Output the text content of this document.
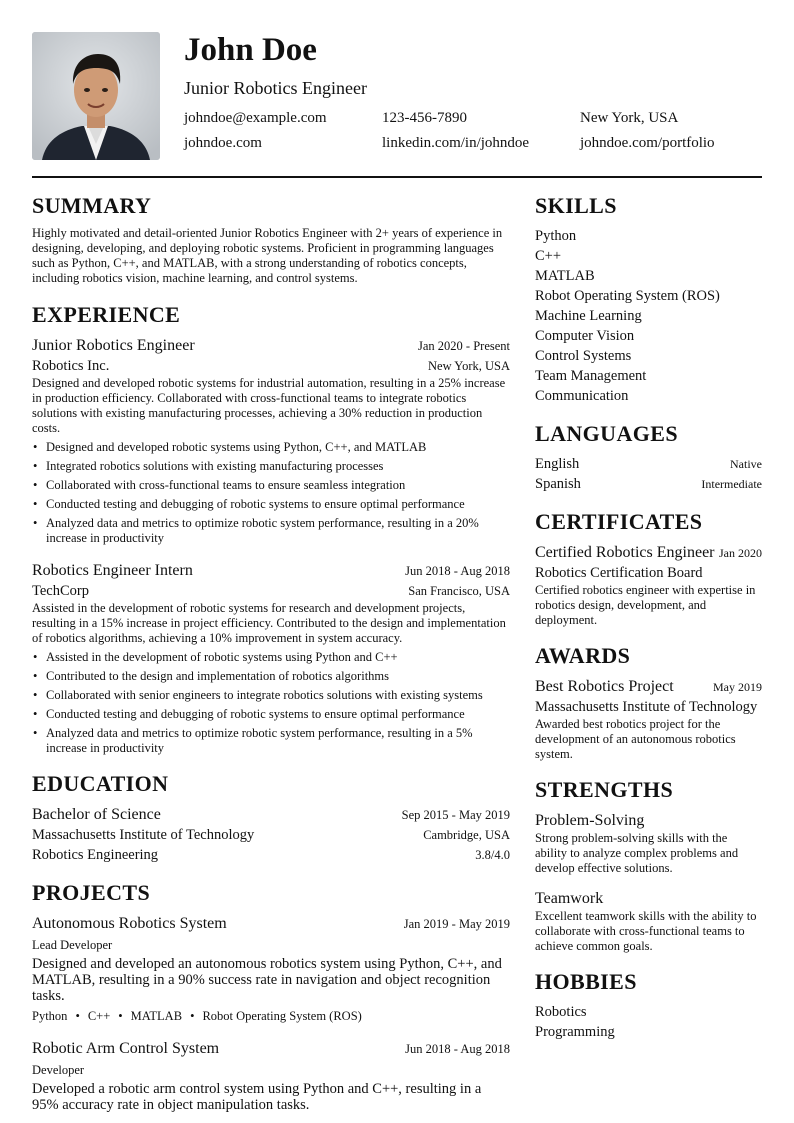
John Doe
Junior Robotics Engineer
johndoe@example.com	123-456-7890	New York, USA
johndoe.com	linkedin.com/in/johndoe	johndoe.com/portfolio
SUMMARY

Highly motivated and detail-oriented Junior Robotics Engineer with 2+ years of experience in designing, developing, and deploying robotic systems. Proficient in programming languages such as Python, C++, and MATLAB, with a strong understanding of robotics concepts, including robotics vision, machine learning, and control systems.

EXPERIENCE
Junior Robotics Engineer	Jan 2020 - Present
Robotics Inc.	New York, USA

Designed and developed robotic systems for industrial automation, resulting in a 25% increase in production efficiency. Collaborated with cross-functional teams to integrate robotics solutions with existing manufacturing processes, achieving a 30% reduction in production costs.

• Designed and developed robotic systems using Python, C++, and MATLAB
• Integrated robotics solutions with existing manufacturing processes
• Collaborated with cross-functional teams to ensure seamless integration
• Conducted testing and debugging of robotic systems to ensure optimal performance
• Analyzed data and metrics to optimize robotic system performance, resulting in a 20% increase in productivity
Robotics Engineer Intern	Jun 2018 - Aug 2018
TechCorp	San Francisco, USA

Assisted in the development of robotic systems for research and development projects, resulting in a 15% increase in project efficiency. Contributed to the design and implementation of robotics algorithms, achieving a 10% improvement in system accuracy.

• Assisted in the development of robotic systems using Python and C++
• Contributed to the design and implementation of robotics algorithms
• Collaborated with senior engineers to integrate robotics solutions with existing systems
• Conducted testing and debugging of robotic systems to ensure optimal performance
• Analyzed data and metrics to optimize robotic system performance, resulting in a 5% increase in productivity
EDUCATION
Bachelor of Science	Sep 2015 - May 2019
Massachusetts Institute of Technology	Cambridge, USA
Robotics Engineering	3.8/4.0
PROJECTS
Autonomous Robotics System	Jan 2019 - May 2019
Lead Developer
Designed and developed an autonomous robotics system using Python, C++, and MATLAB, resulting in a 90% success rate in navigation and object recognition tasks.
Python • C++ • MATLAB • Robot Operating System (ROS)
Robotic Arm Control System	Jun 2018 - Aug 2018
Developer
Developed a robotic arm control system using Python and C++, resulting in a 95% accuracy rate in object manipulation tasks.
SKILLS
Python
C++
MATLAB
Robot Operating System (ROS)
Machine Learning
Computer Vision
Control Systems
Team Management
Communication
LANGUAGES
English	Native
Spanish	Intermediate
CERTIFICATES
Certified Robotics Engineer Jan 2020
Robotics Certification Board
Certified robotics engineer with expertise in robotics design, development, and deployment.
AWARDS
Best Robotics Project	May 2019
Massachusetts Institute of Technology
Awarded best robotics project for the development of an autonomous robotics system.
STRENGTHS
Problem-Solving
Strong problem-solving skills with the ability to analyze complex problems and develop effective solutions.
Teamwork
Excellent teamwork skills with the ability to collaborate with cross-functional teams to achieve common goals.
HOBBIES
Robotics
Programming
